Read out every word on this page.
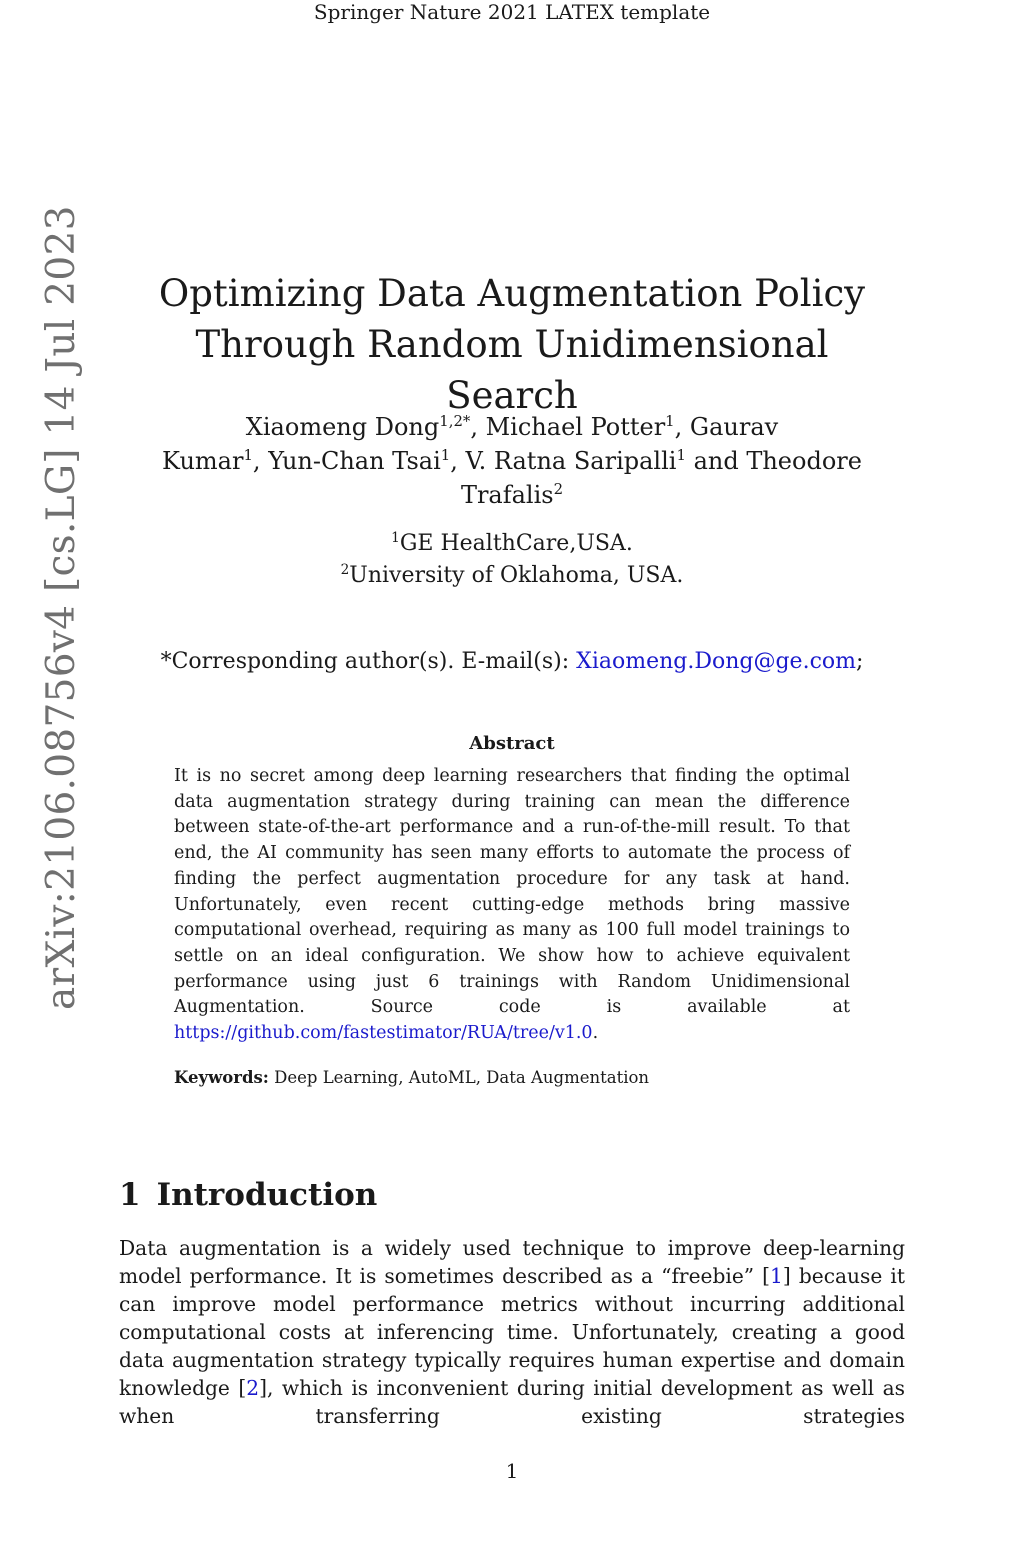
Springer Nature 2021 LATEX template
arXiv:2106.08756v4 [cs.LG] 14 Jul 2023 Optimizing Data Augmentation Policy
Through Random Unidimensional Search
Xiaomeng Dong$^{1,2*}$, Michael Potter$^1$, Gaurav
Kumar$^1$, Yun-Chan Tsai$^1$, V. Ratna Saripalli$^1$ and Theodore
Trafalis$^2$
$^1$GE HealthCare,USA.
$^2$University of Oklahoma, USA.
*Corresponding author(s). E-mail(s): Xiaomeng.Dong@ge.com;
Abstract
It is no secret among deep learning researchers that finding the optimal data augmentation strategy during training can mean the difference between state-of-the-art performance and a run-of-the-mill result. To that end, the AI community has seen many efforts to automate the process of finding the perfect augmentation procedure for any task at hand. Unfortunately, even recent cutting-edge methods bring massive computational overhead, requiring as many as 100 full model trainings to settle on an ideal configuration. We show how to achieve equivalent performance using just 6 trainings with Random Unidimensional Augmentation. Source code is available at https://github.com/fastestimator/RUA/tree/v1.0.
Keywords: Deep Learning, AutoML, Data Augmentation
1 Introduction
Data augmentation is a widely used technique to improve deep-learning model performance. It is sometimes described as a “freebie” [1] because it can improve model performance metrics without incurring additional computational costs at inferencing time. Unfortunately, creating a good data augmentation strategy typically requires human expertise and domain knowledge [2], which is inconvenient during initial development as well as when transferring existing strategies
1
